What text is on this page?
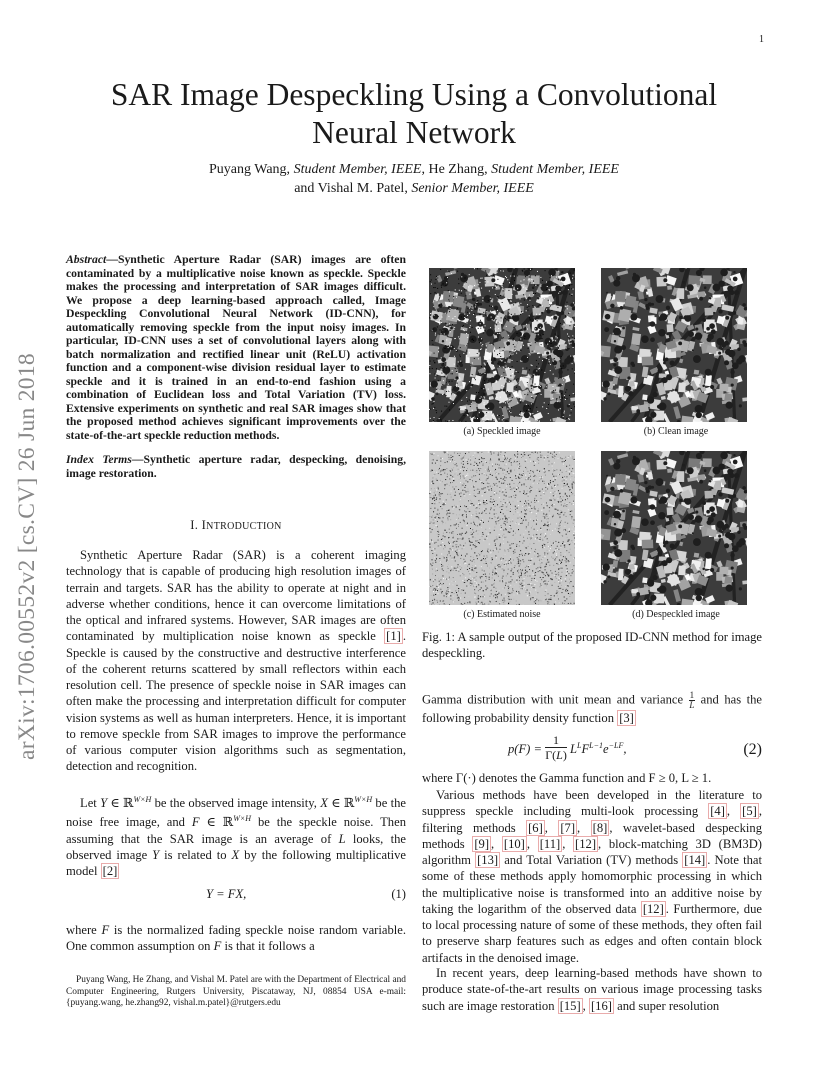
1
arXiv:1706.00552v2 [cs.CV] 26 Jun 2018
SAR Image Despeckling Using a Convolutional
Neural Network
Puyang Wang, Student Member, IEEE, He Zhang, Student Member, IEEE
and Vishal M. Patel, Senior Member, IEEE
Abstract—Synthetic Aperture Radar (SAR) images are often contaminated by a multiplicative noise known as speckle. Speckle makes the processing and interpretation of SAR images difficult. We propose a deep learning-based approach called, Image Despeckling Convolutional Neural Network (ID-CNN), for automatically removing speckle from the input noisy images. In particular, ID-CNN uses a set of convolutional layers along with batch normalization and rectified linear unit (ReLU) activation function and a component-wise division residual layer to estimate speckle and it is trained in an end-to-end fashion using a combination of Euclidean loss and Total Variation (TV) loss. Extensive experiments on synthetic and real SAR images show that the proposed method achieves significant improvements over the state-of-the-art speckle reduction methods.
Index Terms—Synthetic aperture radar, despecking, denoising, image restoration.
I. INTRODUCTION
Synthetic Aperture Radar (SAR) is a coherent imaging technology that is capable of producing high resolution images of terrain and targets. SAR has the ability to operate at night and in adverse whether conditions, hence it can overcome limitations of the optical and infrared systems. However, SAR images are often contaminated by multiplication noise known as speckle [1] . Speckle is caused by the constructive and destructive interference of the coherent returns scattered by small reflectors within each resolution cell. The presence of speckle noise in SAR images can often make the processing and interpretation difficult for computer vision systems as well as human interpreters. Hence, it is important to remove speckle from SAR images to improve the performance of various computer vision algorithms such as segmentation, detection and recognition.
Let Y ∈ ℝ$^{W\times H}$ be the observed image intensity, X ∈ ℝ$^{W\times H}$ be the noise free image, and F ∈ ℝ$^{W\times H}$ be the speckle noise. Then assuming that the SAR image is an average of L looks, the observed image Y is related to X by the following multiplicative model [2]
Y = FX,	(1)
where F is the normalized fading speckle noise random variable. One common assumption on F is that it follows a
Puyang Wang, He Zhang, and Vishal M. Patel are with the Department of Electrical and Computer Engineering, Rutgers University, Piscataway, NJ, 08854 USA e-mail:{puyang.wang, he.zhang92, vishal.m.patel}@rutgers.edu
(a) Speckled image	(b) Clean image
(c) Estimated noise	(d) Despeckled image
Fig. 1: A sample output of the proposed ID-CNN method for image despeckling.
Gamma distribution with unit mean and variance $\frac{1}{L}$ and has the following probability density function [3]
$p(F) = \frac{1}{\Gamma(L)} L^LF^{L-1}e^{-LF}$,	(2)
where Γ(·) denotes the Gamma function and F ≥ 0, L ≥ 1.
Various methods have been developed in the literature to suppress speckle including multi-look processing [4] , [5] , filtering methods [6] , [7] , [8] , wavelet-based despecking methods [9] , [10] , [11] , [12] , block-matching 3D (BM3D) algorithm [13] and Total Variation (TV) methods [14] . Note that some of these methods apply homomorphic processing in which the multiplicative noise is transformed into an additive noise by taking the logarithm of the observed data [12] . Furthermore, due to local processing nature of some of these methods, they often fail to preserve sharp features such as edges and often contain block artifacts in the denoised image.
In recent years, deep learning-based methods have shown to produce state-of-the-art results on various image processing tasks such are image restoration [15] , [16] and super resolution
